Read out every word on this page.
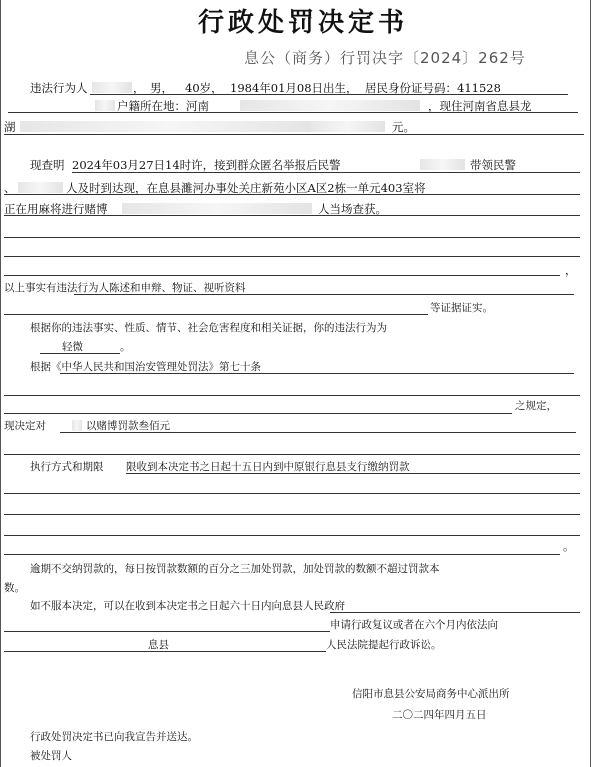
行政处罚决定书
息公（商务）行罚决字〔2024〕262号
违法行为人	， 男， 40岁， 1984年01月08日出生， 居民身份证号码：411528
户籍所在地：河南	，现住河南省息县龙
湖	元。
现查明 2024年03月27日14时许，接到群众匿名举报后民警	带领民警
、	人及时到达现，在息县濉河办事处关庄新苑小区A区2栋一单元403室将
正在用麻将进行赌博	人当场查获。
，
以上事实有违法行为人陈述和申辩、物证、视听资料
等证据证实。
根据你的违法事实、性质、情节、社会危害程度和相关证据，你的违法行为为
轻微	。
根据《中华人民共和国治安管理处罚法》第七十条
之规定，
现决定对	以赌博罚款叁佰元
执行方式和期限 限收到本决定书之日起十五日内到中原银行息县支行缴纳罚款
。
逾期不交纳罚款的，每日按罚款数额的百分之三加处罚款，加处罚款的数额不超过罚款本
数。
如不服本决定，可以在收到本决定书之日起六十日内向息县人民政府
申请行政复议或者在六个月内依法向
息县	人民法院提起行政诉讼。
信阳市息县公安局商务中心派出所
二〇二四年四月五日
行政处罚决定书已向我宣告并送达。
被处罚人
